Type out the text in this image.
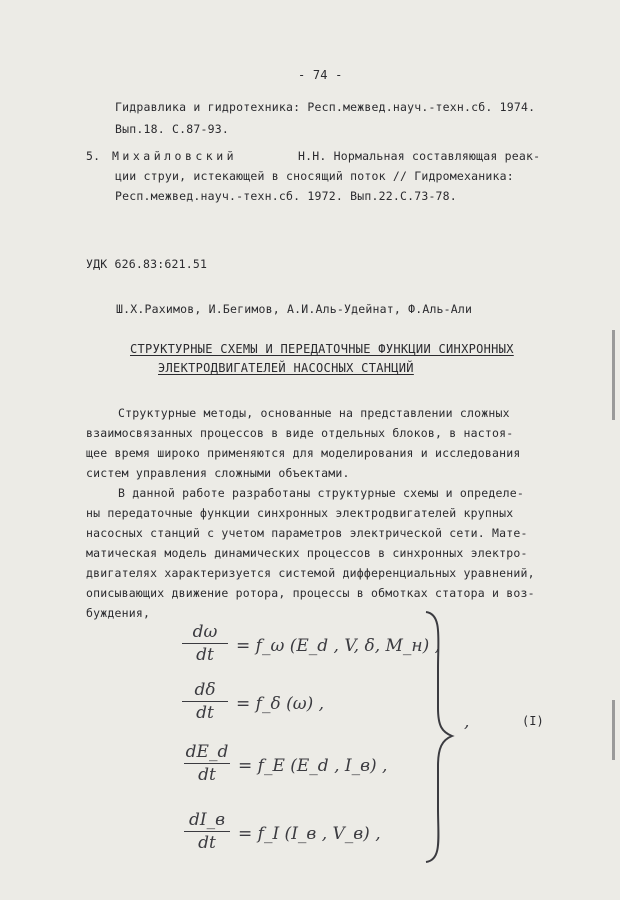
- 74 -
Гидравлика и гидротехника: Респ.межвед.науч.-техн.сб. 1974.
Вып.18. С.87-93.
5. Михайловский	Н.Н. Нормальная составляющая реак-
ции струи, истекающей в сносящий поток // Гидромеханика:
Респ.межвед.науч.-техн.сб. 1972. Вып.22.С.73-78.
УДК 626.83:621.51
Ш.Х.Рахимов, И.Бегимов, А.И.Аль-Удейнат, Ф.Аль-Али
СТРУКТУРНЫЕ СХЕМЫ И ПЕРЕДАТОЧНЫЕ ФУНКЦИИ СИНХРОННЫХ
ЭЛЕКТРОДВИГАТЕЛЕЙ НАСОСНЫХ СТАНЦИЙ
Структурные методы, основанные на представлении сложных
взаимосвязанных процессов в виде отдельных блоков, в настоя-
щее время широко применяются для моделирования и исследования
систем управления сложными объектами.
В данной работе разработаны структурные схемы и определе-
ны передаточные функции синхронных электродвигателей крупных
насосных станций с учетом параметров электрической сети. Мате-
матическая модель динамических процессов в синхронных электро-
двигателях характеризуется системой дифференциальных уравнений,
описывающих движение ротора, процессы в обмотках статора и воз-
буждения,
$\frac{d\omega}{dt}$ = f_ω (E_d , V, δ, M_н) ,
$\frac{d\delta}{dt}$ = f_δ (ω) ,
$\frac{dE\_d}{dt}$ = f_E (E_d , I_в) ,
dI_в
dt	= f_I (I_в , V_в) ,
,	(I)
